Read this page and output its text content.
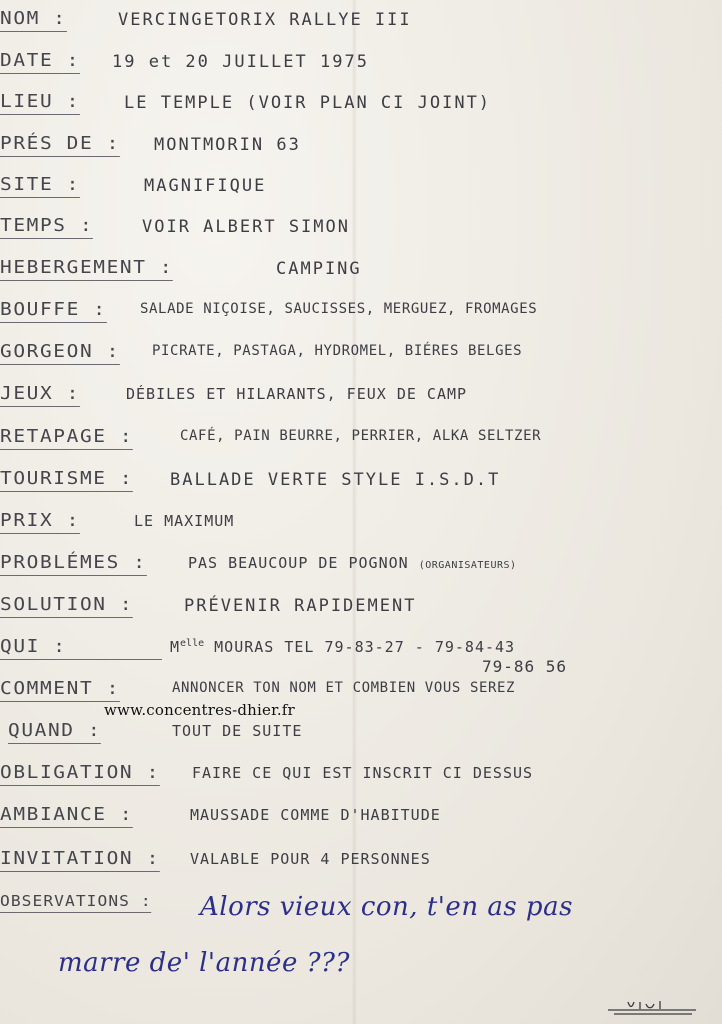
NOM :	VERCINGETORIX RALLYE III
DATE : 19 et 20 JUILLET 1975
LIEU :	LE TEMPLE (VOIR PLAN CI JOINT)
PRÉS DE : MONTMORIN 63
SITE :	MAGNIFIQUE
TEMPS :	VOIR ALBERT SIMON
HEBERGEMENT :	CAMPING
BOUFFE : SALADE NIÇOISE, SAUCISSES, MERGUEZ, FROMAGES
GORGEON : PICRATE, PASTAGA, HYDROMEL, BIÉRES BELGES
JEUX :	DÉBILES ET HILARANTS, FEUX DE CAMP
RETAPAGE :	CAFÉ, PAIN BEURRE, PERRIER, ALKA SELTZER
TOURISME : BALLADE VERTE STYLE I.S.D.T
PRIX :	LE MAXIMUM
PROBLÉMES :	PAS BEAUCOUP DE POGNON (ORGANISATEURS)
SOLUTION :	PRÉVENIR RAPIDEMENT
QUI :	$M^{elle}$ MOURAS TEL 79-83-27 - 79-84-43
79-86 56
COMMENT :	ANNONCER TON NOM ET COMBIEN VOUS SEREZ
www.concentres-dhier.fr
QUAND :	TOUT DE SUITE
OBLIGATION : FAIRE CE QUI EST INSCRIT CI DESSUS
AMBIANCE :	MAUSSADE COMME D'HABITUDE
INVITATION : VALABLE POUR 4 PERSONNES
OBSERVATIONS : Alors vieux con, t'en as pas
marre de' l'année ???
